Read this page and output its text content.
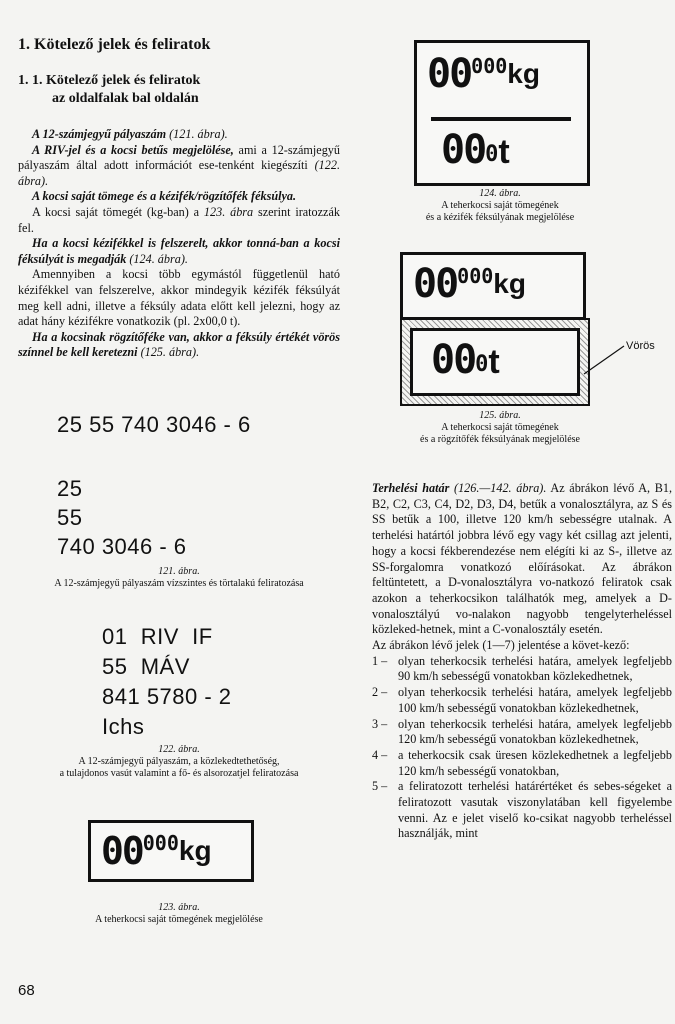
1. Kötelező jelek és feliratok
1. 1. Kötelező jelek és feliratok
az oldalfalak bal oldalán

A 12-számjegyű pályaszám (121. ábra).

A RIV-jel és a kocsi betűs megjelölése, ami a 12-számjegyű pályaszám által adott információt ese-tenként kiegészíti (122. ábra).

A kocsi saját tömege és a kézifék/rögzítőfék féksúlya.

A kocsi saját tömegét (kg-ban) a 123. ábra szerint iratozzák fel.

Ha a kocsi kézifékkel is felszerelt, akkor tonná-ban a kocsi féksúlyát is megadják (124. ábra).

Amennyiben a kocsi több egymástól függetlenül ható kézifékkel van felszerelve, akkor mindegyik kézifék féksúlyát meg kell adni, illetve a féksúly adata előtt kell jelezni, hogy az adat hány kézifékre vonatkozik (pl. 2x00,0 t).

Ha a kocsinak rögzítőféke van, akkor a féksúly értékét vörös színnel be kell keretezni (125. ábra).

25 55 740 3046 - 6
25
55
740 3046 - 6
121. ábra.
A 12-számjegyű pályaszám vízszintes és törtalakú feliratozása
01  RIV  IF
55  MÁV
841 5780 - 2
Ichs
122. ábra.
A 12-számjegyű pályaszám, a közlekedtethetőség,
a tulajdonos vasút valamint a fő- és alsorozatjel feliratozása
00000kg
123. ábra.
A teherkocsi saját tömegének megjelölése
00000kg
000t
124. ábra.
A teherkocsi saját tömegének
és a kézifék féksúlyának megjelölése
00000kg
000t	Vörös
125. ábra.
A teherkocsi saját tömegének
és a rögzítőfék féksúlyának megjelölése

Terhelési határ (126.—142. ábra). Az ábrákon lévő A, B1, B2, C2, C3, C4, D2, D3, D4, betűk a vonalosztályra, az S és SS betűk a 100, illetve 120 km/h sebességre utalnak. A terhelési határtól jobbra lévő egy vagy két csillag azt jelenti, hogy a kocsi fékberendezése nem elégíti ki az S-, illetve az SS-forgalomra vonatkozó előírásokat. Az ábrákon feltüntetett, a D-vonalosztályra vo-natkozó feliratok csak azokon a teherkocsikon találhatók meg, amelyek a D-vonalosztályú vo-nalakon nagyobb tengelyterheléssel közleked-hetnek, mint a C-vonalosztály esetén.

Az ábrákon lévő jelek (1—7) jelentése a követ-kező:

1 – olyan teherkocsik terhelési határa, amelyek legfeljebb 90 km/h sebességű vonatokban közlekedhetnek,
2 – olyan teherkocsik terhelési határa, amelyek legfeljebb 100 km/h sebességű vonatokban közlekedhetnek,
3 – olyan teherkocsik terhelési határa, amelyek legfeljebb 120 km/h sebességű vonatokban közlekedhetnek,
4 – a teherkocsik csak üresen közlekedhetnek a legfeljebb 120 km/h sebességű vonatokban,
5 – a feliratozott terhelési határértéket és sebes-ségeket a feliratozott vasutak viszonylatában kell figyelembe venni. Az e jelet viselő ko-csikat nagyobb terheléssel használják, mint
68
